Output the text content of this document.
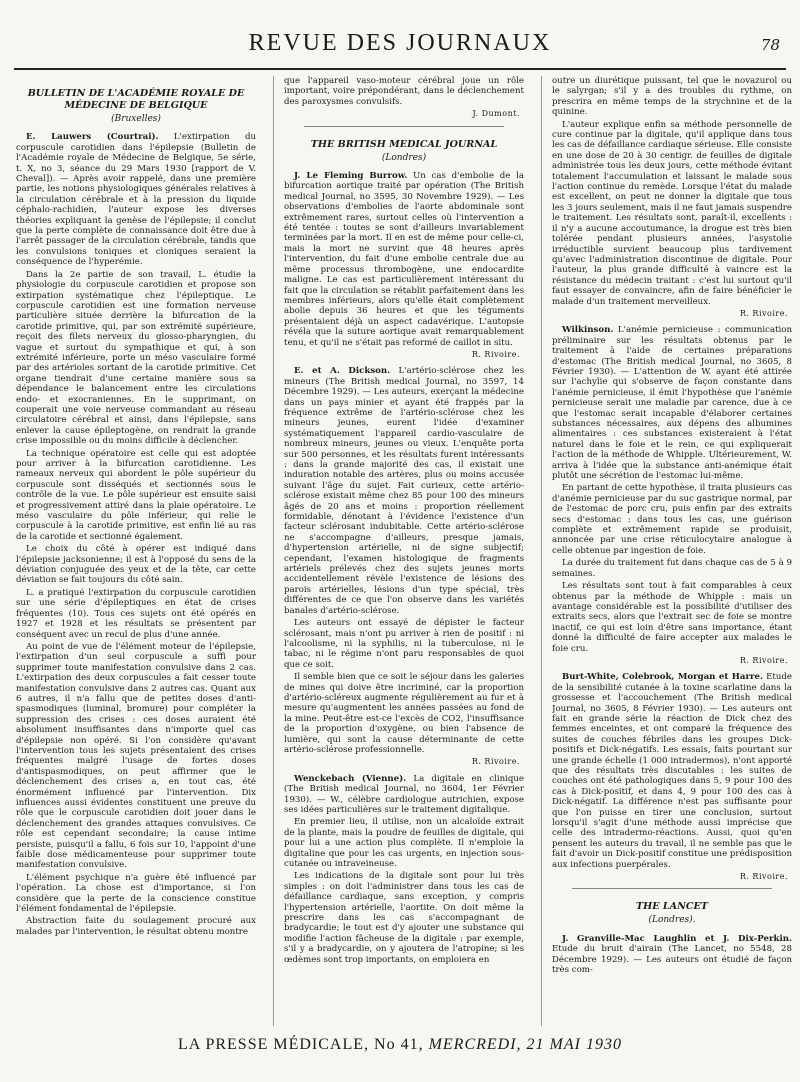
REVUE DES JOURNAUX	78
BULLETIN DE L'ACADÉMIE ROYALE DE MÉDECINE DE BELGIQUE
(Bruxelles)

E. Lauwers (Courtrai). L'extirpation du corpuscule carotidien dans l'épilepsie (Bulletin de l'Académie royale de Médecine de Belgique, 5e série, t. X, no 3, séance du 29 Mars 1930 [rapport de V. Cheval]). — Après avoir rappelé, dans une première partie, les notions physiologiques générales relatives à la circulation cérébrale et à la pression du liquide céphalo-rachidien, l'auteur expose les diverses théories expliquant la genèse de l'épilepsie; il conclut que la perte complète de connaissance doit être due à l'arrêt passager de la circulation cérébrale, tandis que les convulsions toniques et cloniques seraient la conséquence de l'hyperémie.

Dans la 2e partie de son travail, L. étudie la physiologie du corpuscule carotidien et propose son extirpation systématique chez l'épileptique. Le corpuscule carotidien est une formation nerveuse particulière située derrière la bifurcation de la carotide primitive, qui, par son extrémité supérieure, reçoit des filets nerveux du glosso-pharyngien, du vague et surtout du sympathique et qui, à son extrémité inférieure, porte un méso vasculaire formé par des artérioles sortant de la carotide primitive. Cet organe tiendrait d'une certaine manière sous sa dépendance le balancement entre les circulations endo- et exocraniennes. En le supprimant, on couperait une voie nerveuse commandant au réseau circulatoire cérébral et ainsi, dans l'épilepsie, sans enlever la cause épileptogène, on rendrait la grande crise impossible ou du moins difficile à déclencher.

La technique opératoire est celle qui est adoptée pour arriver à la bifurcation carotidienne. Les rameaux nerveux qui abordent le pôle supérieur du corpuscule sont disséqués et sectionnés sous le contrôle de la vue. Le pôle supérieur est ensuite saisi et progressivement attiré dans la plaie opératoire. Le méso vasculaire du pôle inférieur, qui relie le corpuscule à la carotide primitive, est enfin lié au ras de la carotide et sectionné également.

Le choix du côté à opérer est indiqué dans l'épilepsie jacksonienne; il est à l'opposé du sens de la déviation conjuguée des yeux et de la tête, car cette déviation se fait toujours du côté sain.

L. a pratiqué l'extirpation du corpuscule carotidien sur une série d'épileptiques en état de crises fréquentes (10). Tous ces sujets ont été opérés en 1927 et 1928 et les résultats se présentent par conséquent avec un recul de plus d'une année.

Au point de vue de l'élément moteur de l'épilepsie, l'extirpation d'un seul corpuscule a suffi pour supprimer toute manifestation convulsive dans 2 cas. L'extirpation des deux corpuscules a fait cesser toute manifestation convulsive dans 2 autres cas. Quant aux 6 autres, il n'a fallu que de petites doses d'anti-spasmodiques (luminal, bromure) pour compléter la suppression des crises : ces doses auraient été absolument insuffisantes dans n'importe quel cas d'épilepsie non opéré. Si l'on considère qu'avant l'intervention tous les sujets présentaient des crises fréquentes malgré l'usage de fortes doses d'antispasmodiques, on peut affirmer que le déclenchement des crises a, en tout cas, été énormément influencé par l'intervention. Dix influences aussi évidentes constituent une preuve du rôle que le corpuscule carotidien doit jouer dans le déclenchement des grandes attaques convulsives. Ce rôle est cependant secondaire; la cause intime persiste, puisqu'il a fallu, 6 fois sur 10, l'appoint d'une faible dose médicamenteuse pour supprimer toute manifestation convulsive.

L'élément psychique n'a guère été influencé par l'opération. La chose est d'importance, si l'on considère que la perte de la conscience constitue l'élément fondamental de l'épilepsie.

Abstraction faite du soulagement procuré aux malades par l'intervention, le résultat obtenu montre

que l'appareil vaso-moteur cérébral joue un rôle important, voire prépondérant, dans le déclenchement des paroxysmes convulsifs.

J. Dumont.
THE BRITISH MEDICAL JOURNAL
(Londres)

J. Le Fleming Burrow. Un cas d'embolie de la bifurcation aortique traité par opération (The British medical Journal, no 3595, 30 Novembre 1929). — Les observations d'embolies de l'aorte abdominale sont extrêmement rares, surtout celles où l'intervention a été tentée : toutes se sont d'ailleurs invariablement terminées par la mort. Il en est de même pour celle-ci, mais la mort ne survint que 48 heures après l'intervention, du fait d'une embolie centrale due au même processus thrombogène, une endocardite maligne. Le cas est particulièrement intéressant du fait que la circulation se rétablit parfaitement dans les membres inférieurs, alors qu'elle était complètement abolie depuis 36 heures et que les téguments présentaient déjà un aspect cadavérique. L'autopsie révéla que la suture aortique avait remarquablement tenu, et qu'il ne s'était pas reformé de caillot in situ.

R. Rivoire.

E. et A. Dickson. L'artério-sclérose chez les mineurs (The British medical Journal, no 3597, 14 Décembre 1929). — Les auteurs, exerçant la médecine dans un pays minier et ayant été frappés par la fréquence extrême de l'artério-sclérose chez les mineurs jeunes, eurent l'idée d'examiner systématiquement l'appareil cardio-vasculaire de nombreux mineurs, jeunes ou vieux. L'enquête porta sur 500 personnes, et les résultats furent intéressants : dans la grande majorité des cas, il existait une induration notable des artères, plus ou moins accusée suivant l'âge du sujet. Fait curieux, cette artério-sclérose existait même chez 85 pour 100 des mineurs âgés de 20 ans et moins : proportion réellement formidable, dénotant à l'évidence l'existence d'un facteur sclérosant indubitable. Cette artério-sclérose ne s'accompagne d'ailleurs, presque jamais, d'hypertension artérielle, ni de signe subjectif; cependant, l'examen histologique de fragments artériels prélevés chez des sujets jeunes morts accidentellement révèle l'existence de lésions des parois artérielles, lésions d'un type spécial, très différentes de ce que l'on observe dans les variétés banales d'artério-sclérose.

Les auteurs ont essayé de dépister le facteur sclérosant, mais n'ont pu arriver à rien de positif : ni l'alcoolisme, ni la syphilis, ni la tuberculose, ni le tabac, ni le régime n'ont paru responsables de quoi que ce soit.

Il semble bien que ce soit le séjour dans les galeries de mines qui doive être incriminé, car la proportion d'artério-scléreux augmente régulièrement au fur et à mesure qu'augmentent les années passées au fond de la mine. Peut-être est-ce l'excès de CO2, l'insuffisance de la proportion d'oxygène, ou bien l'absence de lumière, qui sont la cause déterminante de cette artério-sclérose professionnelle.

R. Rivoire.

Wenckebach (Vienne). La digitale en clinique (The British medical Journal, no 3604, 1er Février 1930). — W., célèbre cardiologue autrichien, expose ses idées particulières sur le traitement digitalique.

En premier lieu, il utilise, non un alcaloïde extrait de la plante, mais la poudre de feuilles de digitale, qui pour lui a une action plus complète. Il n'emploie la digitaline que pour les cas urgents, en injection sous-cutanée ou intraveineuse.

Les indications de la digitale sont pour lui très simples : on doit l'administrer dans tous les cas de défaillance cardiaque, sans exception, y compris l'hypertension artérielle, l'aortite. On doit même la prescrire dans les cas s'accompagnant de bradycardie; le tout est d'y ajouter une substance qui modifie l'action fâcheuse de la digitale : par exemple, s'il y a bradycardie, on y ajoutera de l'atropine; si les œdèmes sont trop importants, on emploiera en

outre un diurétique puissant, tel que le novazurol ou le salyrgan; s'il y a des troubles du rythme, on prescrira en même temps de la strychnine et de la quinine.

L'auteur explique enfin sa méthode personnelle de cure continue par la digitale, qu'il applique dans tous les cas de défaillance cardiaque sérieuse. Elle consiste en une dose de 20 à 30 centigr. de feuilles de digitale administrée tous les deux jours, cette méthode évitant totalement l'accumulation et laissant le malade sous l'action continue du remède. Lorsque l'état du malade est excellent, on peut ne donner la digitale que tous les 3 jours seulement, mais il ne faut jamais suspendre le traitement. Les résultats sont, paraît-il, excellents : il n'y a aucune accoutumance, la drogue est très bien tolérée pendant plusieurs années, l'asystolie irréductible survient beaucoup plus tardivement qu'avec l'administration discontinue de digitale. Pour l'auteur, la plus grande difficulté à vaincre est la résistance du médecin traitant : c'est lui surtout qu'il faut essayer de convaincre, afin de faire bénéficier le malade d'un traitement merveilleux.

R. Rivoire.

Wilkinson. L'anémie pernicieuse : communication préliminaire sur les résultats obtenus par le traitement à l'aide de certaines préparations d'estomac (The British medical Journal, no 3605, 8 Février 1930). — L'attention de W. ayant été attirée sur l'achylie qui s'observe de façon constante dans l'anémie pernicieuse, il émit l'hypothèse que l'anémie pernicieuse serait une maladie par carence, due à ce que l'estomac serait incapable d'élaborer certaines substances nécessaires, aux dépens des albumines alimentaires : ces substances existeraient à l'état naturel dans le foie et le rein, ce qui expliquerait l'action de la méthode de Whipple. Ultérieurement, W. arriva à l'idée que la substance anti-anémique était plutôt une sécrétion de l'estomac lui-même.

En partant de cette hypothèse, il traita plusieurs cas d'anémie pernicieuse par du suc gastrique normal, par de l'estomac de porc cru, puis enfin par des extraits secs d'estomac : dans tous les cas, une guérison complète et extrêmement rapide se produisit, annoncée par une crise réticulocytaire analogue à celle obtenue par ingestion de foie.

La durée du traitement fut dans chaque cas de 5 à 9 semaines.

Les résultats sont tout à fait comparables à ceux obtenus par la méthode de Whipple : mais un avantage considérable est la possibilité d'utiliser des extraits secs, alors que l'extrait sec de foie se montre inactif, ce qui est loin d'être sans importance, étant donné la difficulté de faire accepter aux malades le foie cru.

R. Rivoire.

Burt-White, Colebrook, Morgan et Harre. Etude de la sensibilité cutanée à la toxine scarlatine dans la grossesse et l'accouchement (The British medical Journal, no 3605, 8 Février 1930). — Les auteurs ont fait en grande série la réaction de Dick chez des femmes enceintes, et ont comparé la fréquence des suites de couches fébriles dans les groupes Dick-positifs et Dick-négatifs. Les essais, faits pourtant sur une grande échelle (1 000 intradermos), n'ont apporté que des résultats très discutables : les suites de couches ont été pathologiques dans 5, 9 pour 100 des cas à Dick-positif, et dans 4, 9 pour 100 des cas à Dick-négatif. La différence n'est pas suffisante pour que l'on puisse en tirer une conclusion, surtout lorsqu'il s'agit d'une méthode aussi imprécise que celle des intradermo-réactions. Aussi, quoi qu'en pensent les auteurs du travail, il ne semble pas que le fait d'avoir un Dick-positif constitue une prédisposition aux infections puerpérales.

R. Rivoire.
THE LANCET
(Londres).

J. Granville-Mac Laughlin et J. Dix-Perkin. Etude du bruit d'airain (The Lancet, no 5548, 28 Décembre 1929). — Les auteurs ont étudié de façon très com-

LA PRESSE MÉDICALE, No 41, MERCREDI, 21 MAI 1930
